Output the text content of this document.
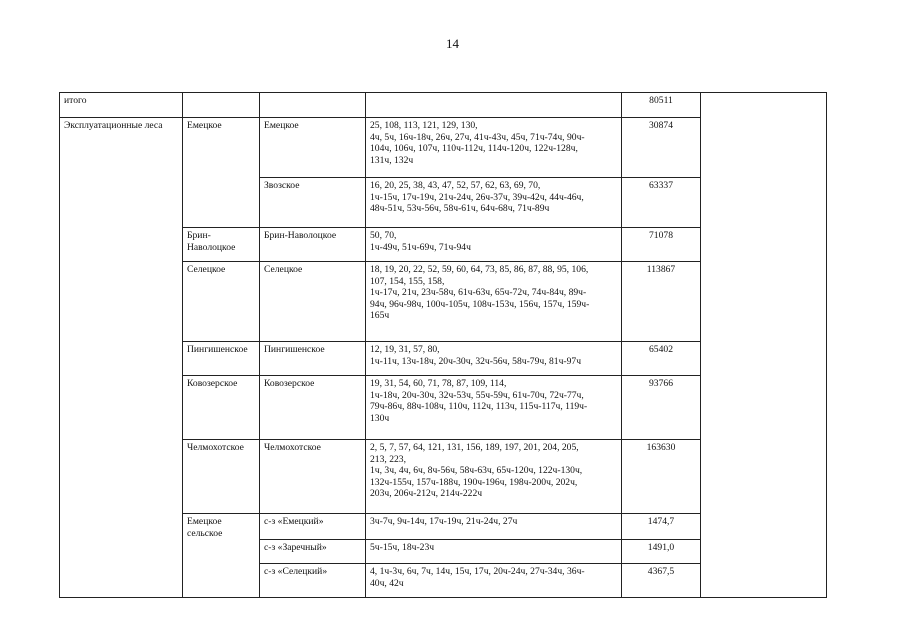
14
итого				80511	
Эксплуатационные леса	Емецкое	Емецкое	25, 108, 113, 121, 129, 130,
4ч, 5ч, 16ч-18ч, 26ч, 27ч, 41ч-43ч, 45ч, 71ч-74ч, 90ч-
104ч, 106ч, 107ч, 110ч-112ч, 114ч-120ч, 122ч-128ч,
131ч, 132ч	30874	

		Звозское	16, 20, 25, 38, 43, 47, 52, 57, 62, 63, 69, 70,
1ч-15ч, 17ч-19ч, 21ч-24ч, 26ч-37ч, 39ч-42ч, 44ч-46ч,
48ч-51ч, 53ч-56ч, 58ч-61ч, 64ч-68ч, 71ч-89ч	63337	

	Брин-
Наволоцкое	Брин-Наволоцкое	50, 70,
1ч-49ч, 51ч-69ч, 71ч-94ч	71078	

	Селецкое	Селецкое	18, 19, 20, 22, 52, 59, 60, 64, 73, 85, 86, 87, 88, 95, 106,
107, 154, 155, 158,
1ч-17ч, 21ч, 23ч-58ч, 61ч-63ч, 65ч-72ч, 74ч-84ч, 89ч-
94ч, 96ч-98ч, 100ч-105ч, 108ч-153ч, 156ч, 157ч, 159ч-
165ч	113867	

	Пингишенское	Пингишенское	12, 19, 31, 57, 80,
1ч-11ч, 13ч-18ч, 20ч-30ч, 32ч-56ч, 58ч-79ч, 81ч-97ч	65402	

	Ковозерское	Ковозерское	19, 31, 54, 60, 71, 78, 87, 109, 114,
1ч-18ч, 20ч-30ч, 32ч-53ч, 55ч-59ч, 61ч-70ч, 72ч-77ч,
79ч-86ч, 88ч-108ч, 110ч, 112ч, 113ч, 115ч-117ч, 119ч-
130ч	93766	

	Челмохотское	Челмохотское	2, 5, 7, 57, 64, 121, 131, 156, 189, 197, 201, 204, 205,
213, 223,
1ч, 3ч, 4ч, 6ч, 8ч-56ч, 58ч-63ч, 65ч-120ч, 122ч-130ч,
132ч-155ч, 157ч-188ч, 190ч-196ч, 198ч-200ч, 202ч,
203ч, 206ч-212ч, 214ч-222ч	163630	

	Емецкое
сельское	с-з «Емецкий»	3ч-7ч, 9ч-14ч, 17ч-19ч, 21ч-24ч, 27ч	1474,7	

		с-з «Заречный»	5ч-15ч, 18ч-23ч	1491,0	

		с-з «Селецкий»	4, 1ч-3ч, 6ч, 7ч, 14ч, 15ч, 17ч, 20ч-24ч, 27ч-34ч, 36ч-
40ч, 42ч	4367,5	
